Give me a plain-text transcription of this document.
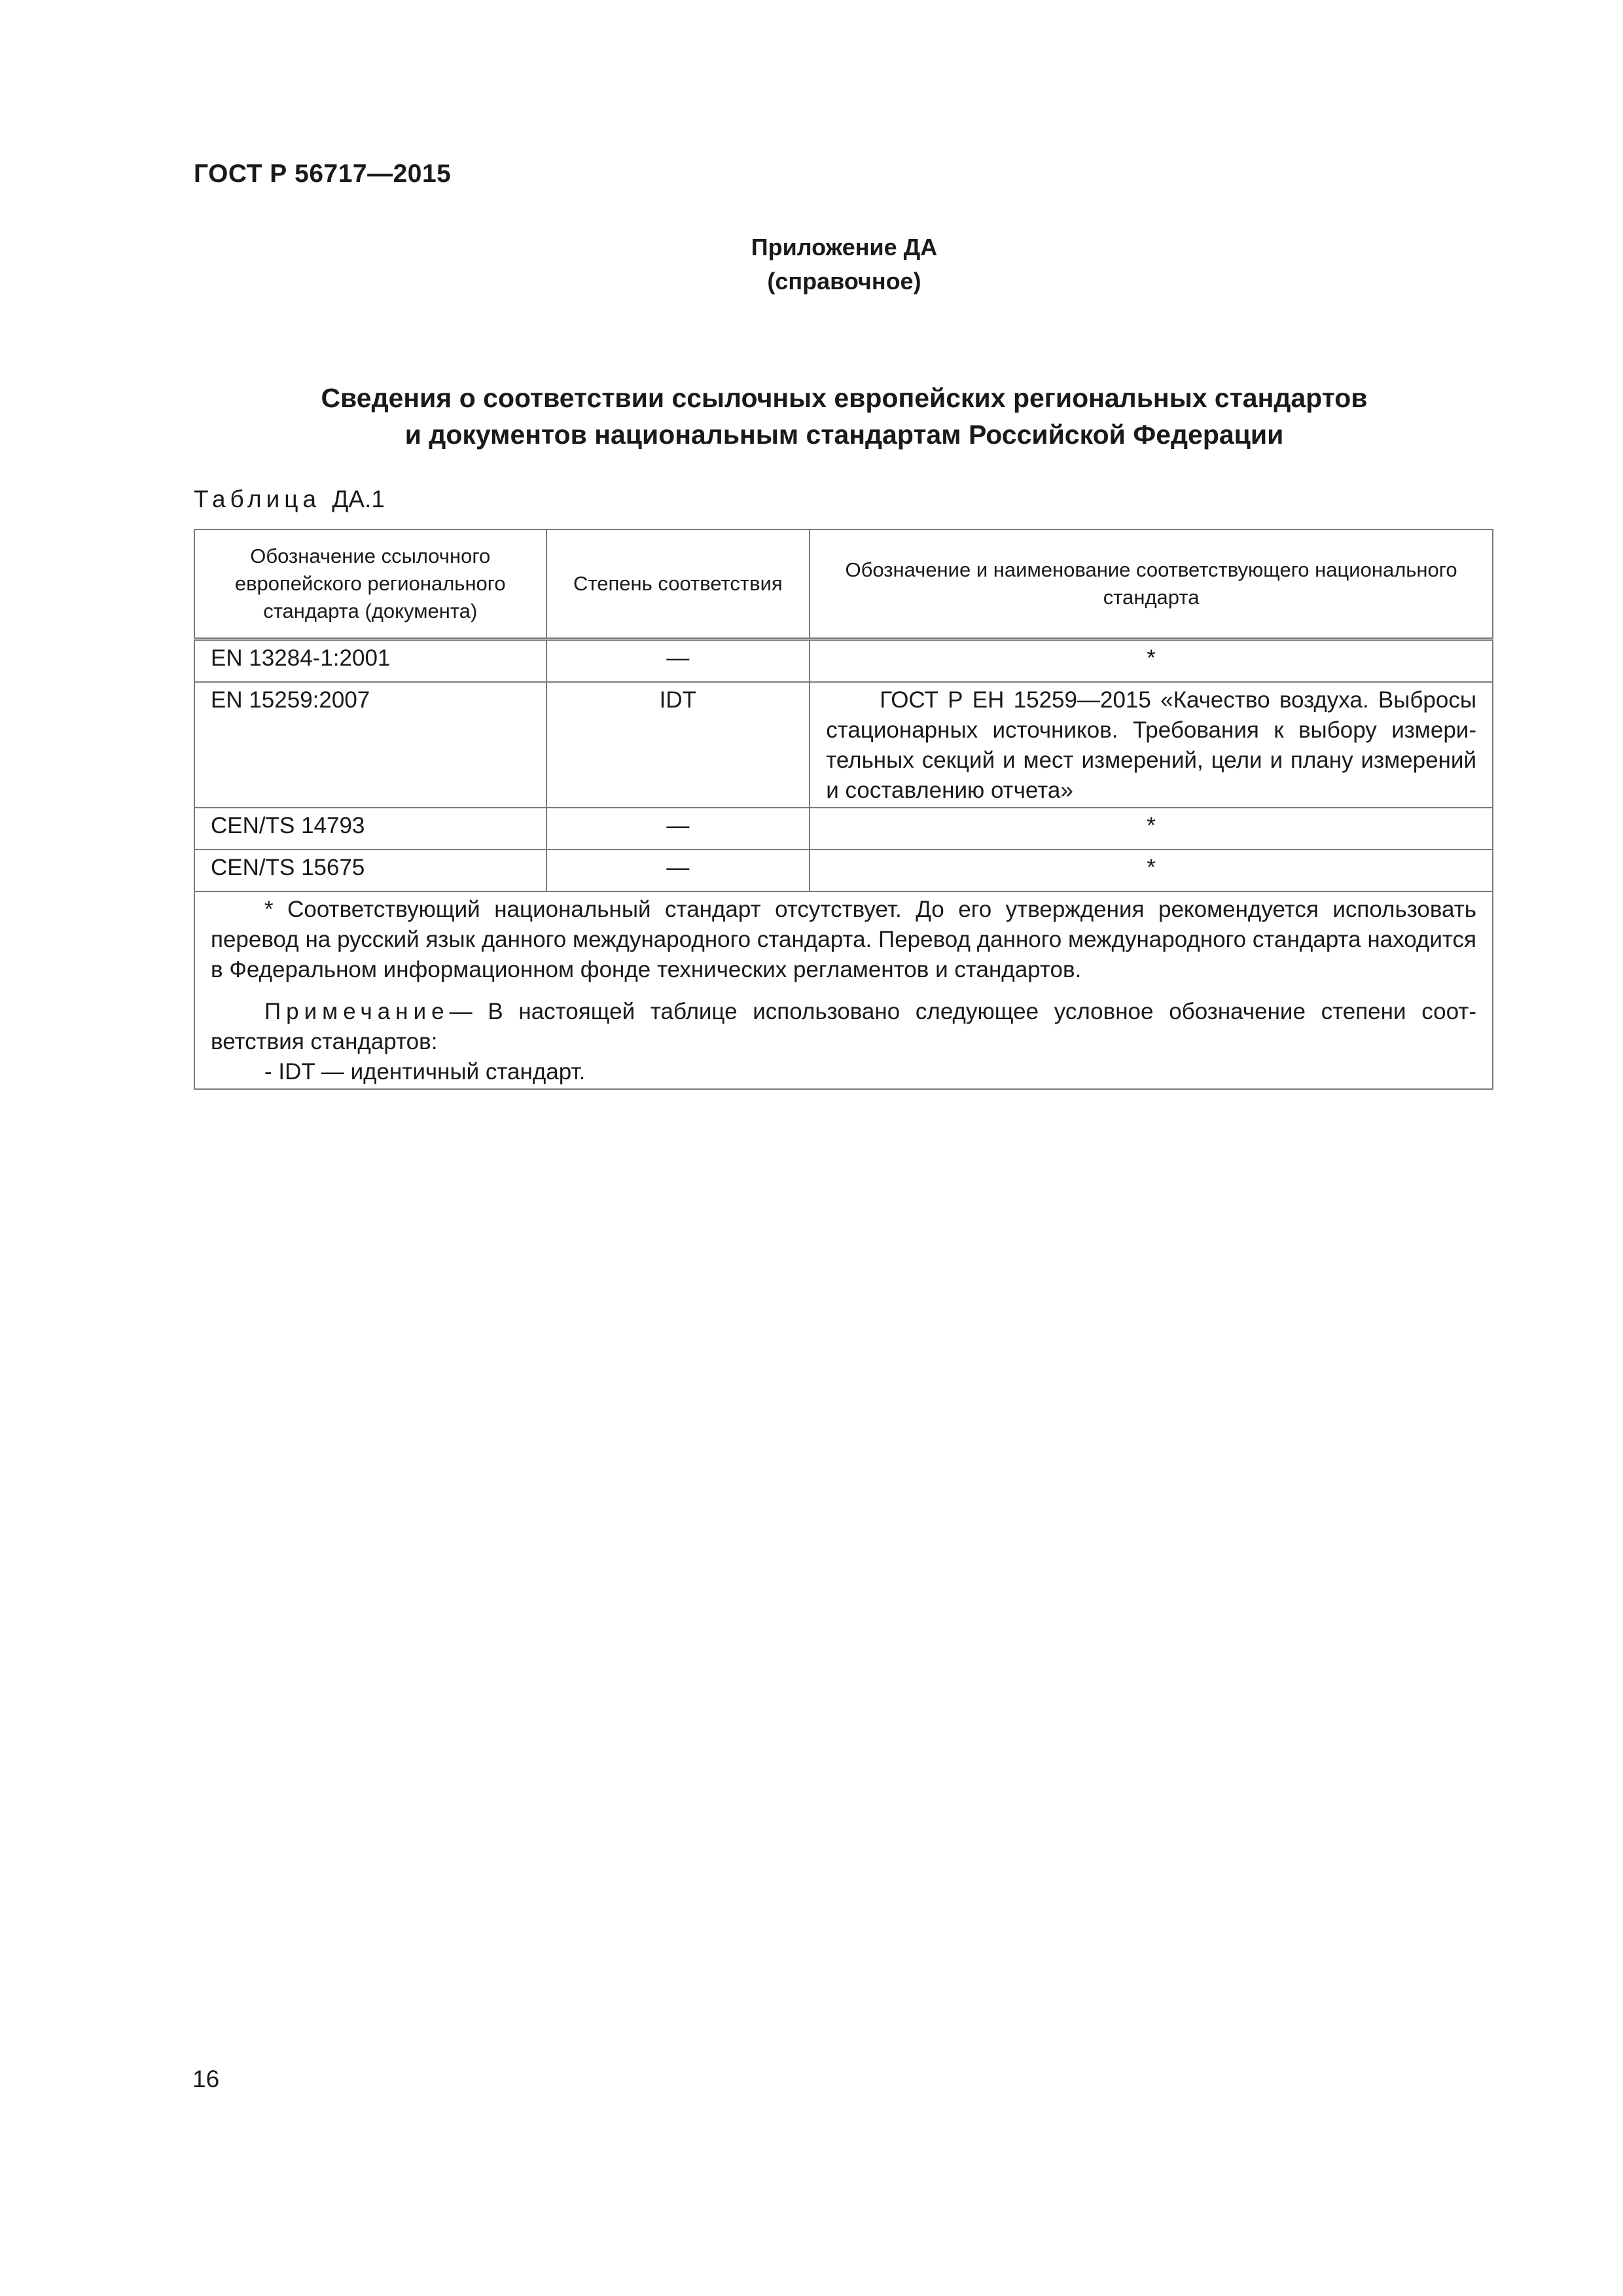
ГОСТ Р 56717—2015
Приложение ДА
(справочное)
Сведения о соответствии ссылочных европейских региональных стандартов
и документов национальным стандартам Российской Федерации
Таблица ДА.1
Обозначение ссылочного европейского регионального стандарта (документа)	Степень соответствия	Обозначение и наименование соответствующего национального стандарта
EN 13284-1:2001	—	*
EN 15259:2007	IDT	ГОСТ Р ЕН 15259—2015 «Качество воздуха. Выбросы стационарных источников. Требования к выбору измерительных секций и мест измерений, цели и плану измерений и составлению отчета»
CEN/TS 14793	—	*
CEN/TS 15675	—	*

* Соответствующий национальный стандарт отсутствует. До его утверждения рекомендуется использовать перевод на русский язык данного международного стандарта. Перевод данного международного стандарта находится в Федеральном информационном фонде технических регламентов и стандартов.

Примечание— В настоящей таблице использовано следующее условное обозначение степени соответствия стандартов:

- IDT — идентичный стандарт.		

16
